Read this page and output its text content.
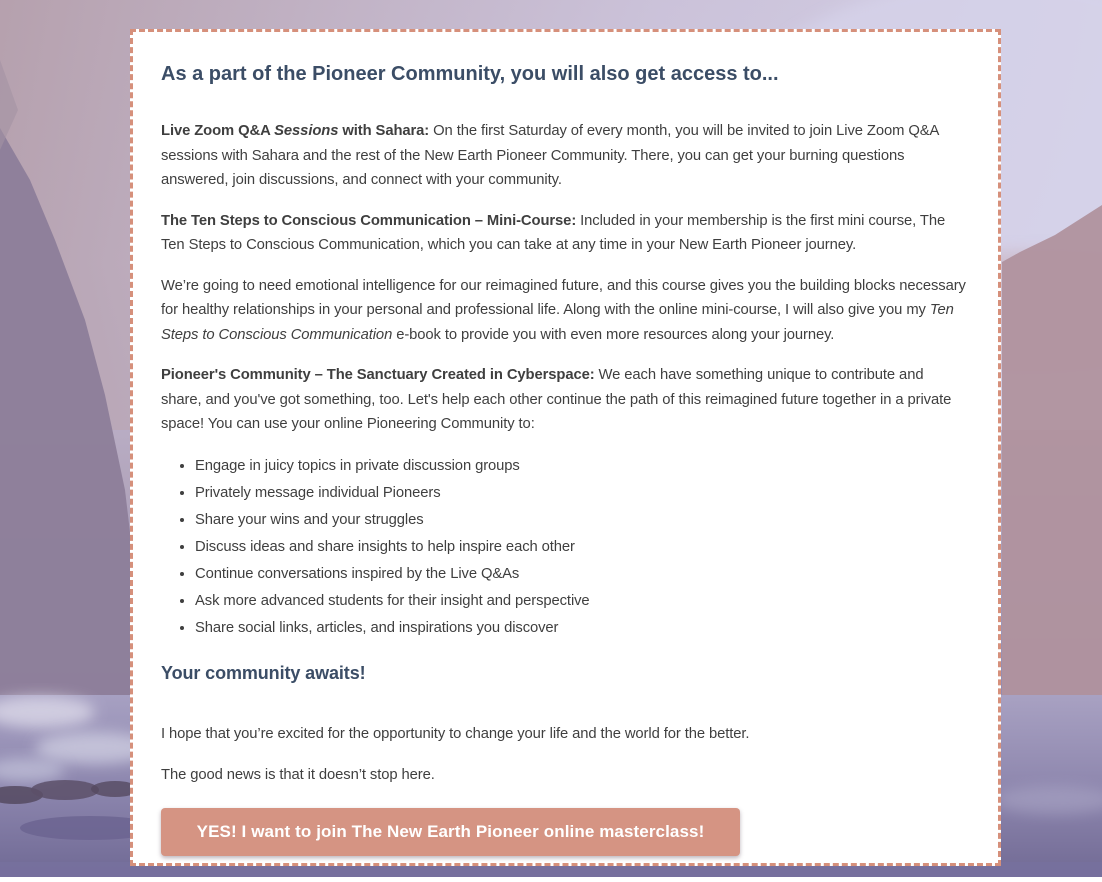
As a part of the Pioneer Community, you will also get access to...

Live Zoom Q&A Sessions with Sahara: On the first Saturday of every month, you will be invited to join Live Zoom Q&A sessions with Sahara and the rest of the New Earth Pioneer Community. There, you can get your burning questions answered, join discussions, and connect with your community.

The Ten Steps to Conscious Communication – Mini-Course: Included in your membership is the first mini course, The Ten Steps to Conscious Communication, which you can take at any time in your New Earth Pioneer journey.

We’re going to need emotional intelligence for our reimagined future, and this course gives you the building blocks necessary for healthy relationships in your personal and professional life. Along with the online mini-course, I will also give you my Ten Steps to Conscious Communication e-book to provide you with even more resources along your journey.

Pioneer's Community – The Sanctuary Created in Cyberspace: We each have something unique to contribute and share, and you've got something, too. Let's help each other continue the path of this reimagined future together in a private space! You can use your online Pioneering Community to:

• Engage in juicy topics in private discussion groups
• Privately message individual Pioneers
• Share your wins and your struggles
• Discuss ideas and share insights to help inspire each other
• Continue conversations inspired by the Live Q&As
• Ask more advanced students for their insight and perspective
• Share social links, articles, and inspirations you discover
Your community awaits!

I hope that you’re excited for the opportunity to change your life and the world for the better.

The good news is that it doesn’t stop here.

YES! I want to join The New Earth Pioneer online masterclass!
